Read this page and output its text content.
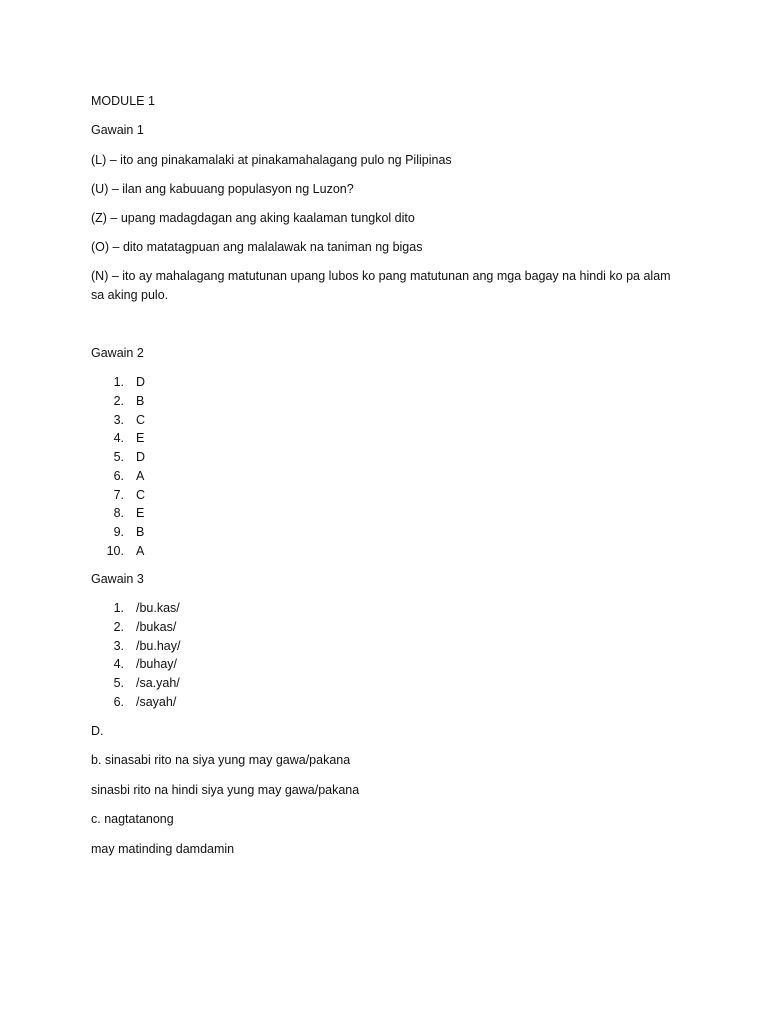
MODULE 1
Gawain 1
(L) – ito ang pinakamalaki at pinakamahalagang pulo ng Pilipinas
(U) – ilan ang kabuuang populasyon ng Luzon?
(Z) – upang madagdagan ang aking kaalaman tungkol dito
(O) – dito matatagpuan ang malalawak na taniman ng bigas
(N) – ito ay mahalagang matutunan upang lubos ko pang matutunan ang mga bagay na hindi ko pa alam
sa aking pulo.
Gawain 2
1. D
2. B
3. C
4. E
5. D
6. A
7. C
8. E
9. B
10. A
Gawain 3
1. /bu.kas/
2. /bukas/
3. /bu.hay/
4. /buhay/
5. /sa.yah/
6. /sayah/
D.
b. sinasabi rito na siya yung may gawa/pakana
sinasbi rito na hindi siya yung may gawa/pakana
c. nagtatanong
may matinding damdamin
